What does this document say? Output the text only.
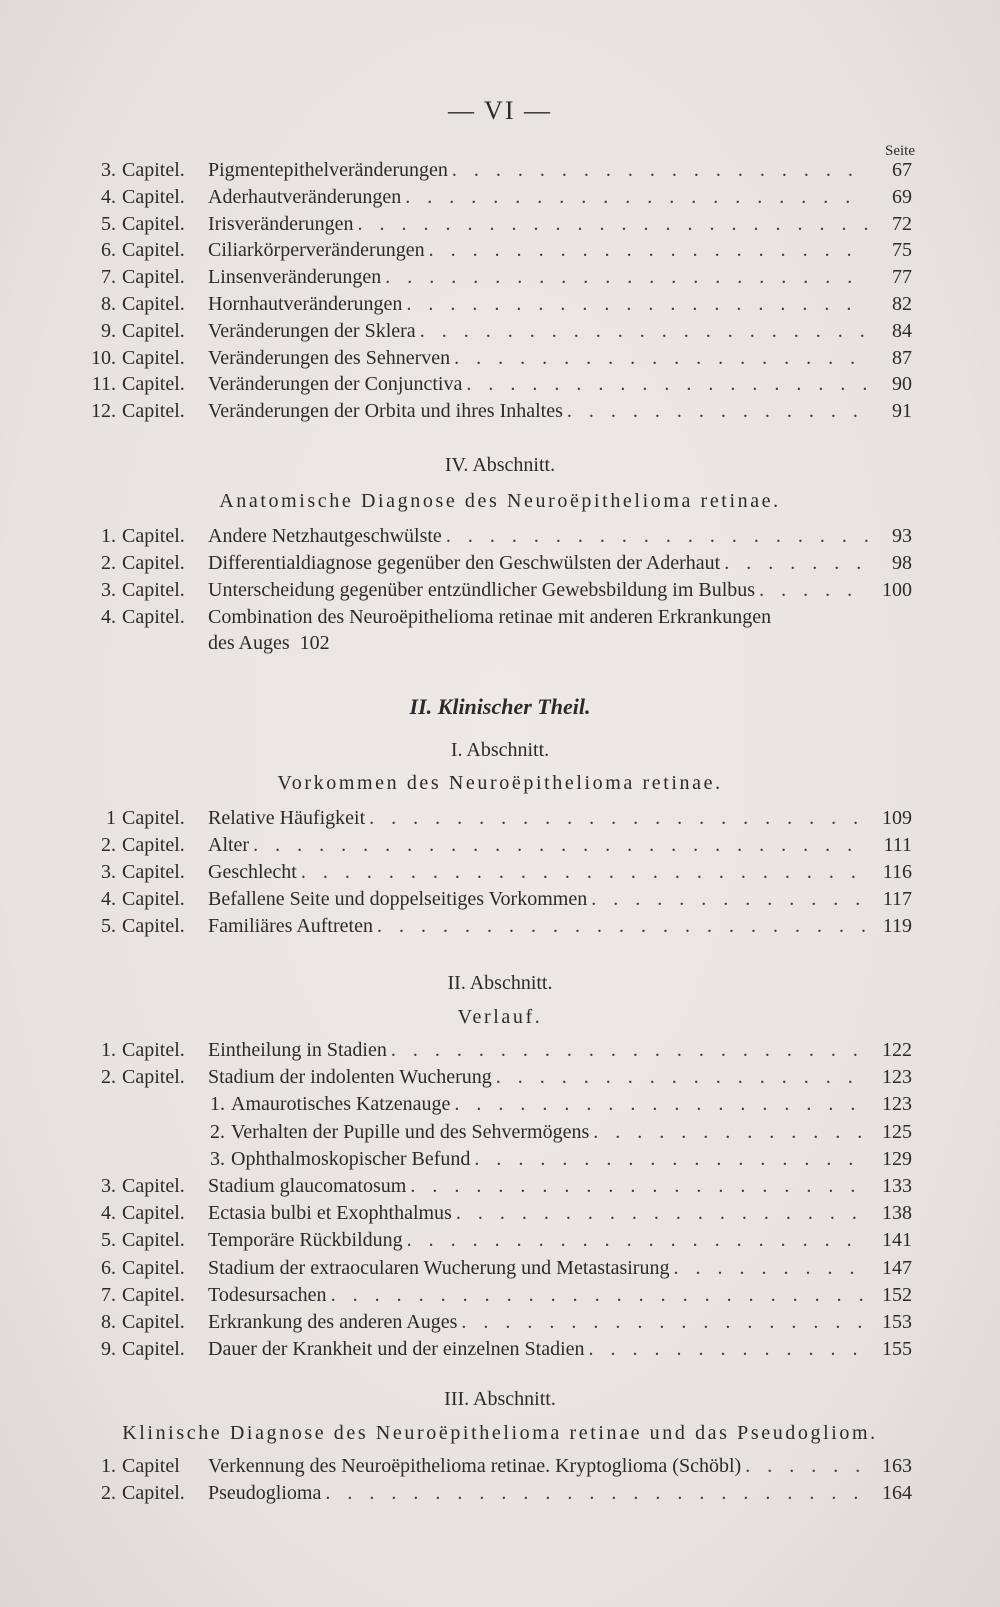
— VI —
Seite
3. Capitel.	Pigmentepithelveränderungen . . .	67
4. Capitel.	Aderhautveränderungen . . .	69
5. Capitel.	Irisveränderungen . . .	72
6. Capitel.	Ciliarkörperveränderungen . . .	75
7. Capitel.	Linsenveränderungen . . .	77
8. Capitel.	Hornhautveränderungen . . .	82
9. Capitel.	Veränderungen der Sklera . . .	84
10. Capitel.	Veränderungen des Sehnerven . . .	87
11. Capitel.	Veränderungen der Conjunctiva . . .	90
12. Capitel.	Veränderungen der Orbita und ihres Inhaltes . . .	91
IV. Abschnitt.
Anatomische Diagnose des Neuroëpithelioma retinae.
1. Capitel.	Andere Netzhautgeschwülste . . .	93
2. Capitel.	Differentialdiagnose gegenüber den Geschwülsten der Aderhaut . . .	98
3. Capitel.	Unterscheidung gegenüber entzündlicher Gewebsbildung im Bulbus . . .	100
4. Capitel.	Combination des Neuroëpithelioma retinae mit anderen Erkrankungen
des Auges 102
II. Klinischer Theil.
I. Abschnitt.
Vorkommen des Neuroëpithelioma retinae.
1 Capitel.	Relative Häufigkeit . . .	109
2. Capitel.	Alter . . .	111
3. Capitel.	Geschlecht . . .	116
4. Capitel.	Befallene Seite und doppelseitiges Vorkommen . . .	117
5. Capitel.	Familiäres Auftreten . . .	119
II. Abschnitt.
Verlauf.
1. Capitel.	Eintheilung in Stadien . . .	122
2. Capitel.	Stadium der indolenten Wucherung . . .	123
1. Amaurotisches Katzenauge . . .	123
2. Verhalten der Pupille und des Sehvermögens . . .	125
3. Ophthalmoskopischer Befund . . .	129
3. Capitel.	Stadium glaucomatosum . . .	133
4. Capitel.	Ectasia bulbi et Exophthalmus . . .	138
5. Capitel.	Temporäre Rückbildung . . .	141
6. Capitel.	Stadium der extraocularen Wucherung und Metastasirung . . .	147
7. Capitel.	Todesursachen . . .	152
8. Capitel.	Erkrankung des anderen Auges . . .	153
9. Capitel.	Dauer der Krankheit und der einzelnen Stadien . . .	155
III. Abschnitt.
Klinische Diagnose des Neuroëpithelioma retinae und das Pseudogliom.
1. Capitel	Verkennung des Neuroëpithelioma retinae. Kryptoglioma (Schöbl) . . .	163
2. Capitel.	Pseudoglioma . . .	164
